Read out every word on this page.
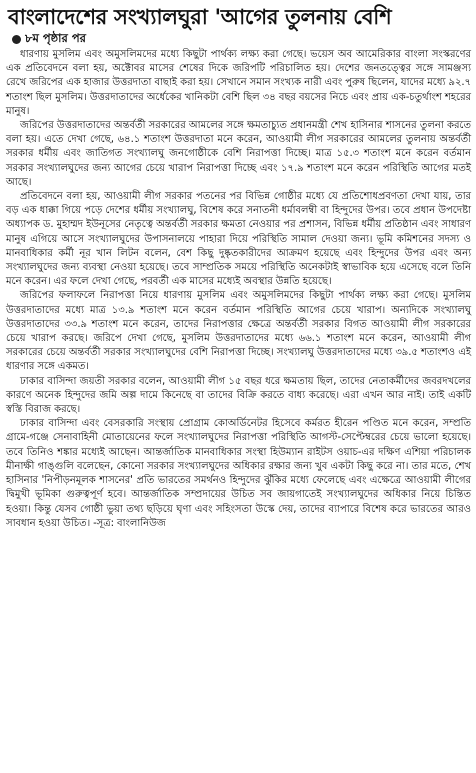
বাংলাদেশের সংখ্যালঘুরা 'আগের তুলনায় বেশি
৮ম পৃষ্ঠার পর

ধারণায় মুসলিম এবং অমুসলিমদের মধ্যে কিছুটা পার্থক্য লক্ষ্য করা গেছে। ভয়েস অব আমেরিকার বাংলা সংস্করণের এক প্রতিবেদনে বলা হয়, অক্টোবর মাসের শেষের দিকে জরিপটি পরিচালিত হয়। দেশের জনতত্ত্বের সঙ্গে সামঞ্জস্য রেখে জরিপের এক হাজার উত্তরদাতা বাছাই করা হয়। সেখানে সমান সংখ্যক নারী এবং পুরুষ ছিলেন, যাদের মধ্যে ৯২.৭ শতাংশ ছিল মুসলিম। উত্তরদাতাদের অর্ধেকের খানিকটা বেশি ছিল ৩৪ বছর বয়সের নিচে এবং প্রায় এক-চতুর্থাংশ শহরের মানুষ।

জরিপের উত্তরদাতাদের অন্তর্বর্তী সরকারের আমলের সঙ্গে ক্ষমতাচ্যুত প্রধানমন্ত্রী শেখ হাসিনার শাসনের তুলনা করতে বলা হয়। এতে দেখা গেছে, ৬৪.১ শতাংশ উত্তরদাতা মনে করেন, আওয়ামী লীগ সরকারের আমলের তুলনায় অন্তর্বর্তী সরকার ধর্মীয় এবং জাতিগত সংখ্যালঘু জনগোষ্ঠীকে বেশি নিরাপত্তা দিচ্ছে। মাত্র ১৫.৩ শতাংশ মনে করেন বর্তমান সরকার সংখ্যালঘুদের জন্য আগের চেয়ে খারাপ নিরাপত্তা দিচ্ছে এবং ১৭.৯ শতাংশ মনে করেন পরিস্থিতি আগের মতই আছে।

প্রতিবেদনে বলা হয়, আওয়ামী লীগ সরকার পতনের পর বিভিন্ন গোষ্ঠীর মধ্যে যে প্রতিশোধপ্রবণতা দেখা যায়, তার বড় এক ধাক্কা গিয়ে পড়ে দেশের ধর্মীয় সংখ্যালঘু, বিশেষ করে সনাতনী ধর্মাবলম্বী বা হিন্দুদের উপর। তবে প্রধান উপদেষ্টা অধ্যাপক ড. মুহাম্মদ ইউনূসের নেতৃত্বে অন্তর্বর্তী সরকার ক্ষমতা নেওয়ার পর প্রশাসন, বিভিন্ন ধর্মীয় প্রতিষ্ঠান এবং সাধারণ মানুষ এগিয়ে আসে সংখ্যালঘুদের উপাসনালয়ে পাহারা দিয়ে পরিস্থিতি সামাল দেওয়া জন্য। ভূমি কমিশনের সদস্য ও মানবাধিকার কর্মী নূর খান লিটন বলেন, বেশ কিছু দুষ্কৃতকারীদের আক্রমণ হয়েছে এবং হিন্দুদের উপর এবং অন্য সংখ্যালঘুদের জন্য ব্যবস্থা নেওয়া হয়েছে। তবে সাম্প্রতিক সময়ে পরিস্থিতি অনেকটাই স্বাভাবিক হয়ে এসেছে বলে তিনি মনে করেন। এর ফলে দেখা গেছে, পরবর্তী এক মাসের মধ্যেই অবস্থার উন্নতি হয়েছে।

জরিপের ফলাফলে নিরাপত্তা নিয়ে ধারণায় মুসলিম এবং অমুসলিমদের কিছুটা পার্থক্য লক্ষ্য করা গেছে। মুসলিম উত্তরদাতাদের মধ্যে মাত্র ১৩.৯ শতাংশ মনে করেন বর্তমান পরিস্থিতি আগের চেয়ে খারাপ। অন্যদিকে সংখ্যালঘু উত্তরদাতাদের ৩৩.৯ শতাংশ মনে করেন, তাদের নিরাপত্তার ক্ষেত্রে অন্তর্বর্তী সরকার বিগত আওয়ামী লীগ সরকারের চেয়ে খারাপ করছে। জরিপে দেখা গেছে, মুসলিম উত্তরদাতাদের মধ্যে ৬৬.১ শতাংশ মনে করেন, আওয়ামী লীগ সরকারের চেয়ে অন্তর্বর্তী সরকার সংখ্যালঘুদের বেশি নিরাপত্তা দিচ্ছে। সংখ্যালঘু উত্তরদাতাদের মধ্যে ৩৯.৫ শতাংশও এই ধারণার সঙ্গে একমত।

ঢাকার বাসিন্দা জয়তী সরকার বলেন, আওয়ামী লীগ ১৫ বছর ধরে ক্ষমতায় ছিল, তাদের নেতাকর্মীদের জবরদখলের কারণে অনেক হিন্দুদের জমি অল্প দামে কিনেছে বা তাদের বিক্রি করতে বাধ্য করেছে। এরা এখন আর নাই। তাই একটি স্বস্তি বিরাজ করছে।

ঢাকার বাসিন্দা এবং বেসরকারি সংস্থায় প্রোগ্রাম কোঅর্ডিনেটর হিসেবে কর্মরত হীরেন পণ্ডিত মনে করেন, সম্প্রতি গ্রামে-গঞ্জে সেনাবাহিনী মোতায়েনের ফলে সংখ্যালঘুদের নিরাপত্তা পরিস্থিতি আগস্ট-সেপ্টেম্বরের চেয়ে ভালো হয়েছে। তবে তিনিও শঙ্কার মধ্যেই আছেন। আন্তর্জাতিক মানবাধিকার সংস্থা হিউম্যান রাইটস ওয়াচ-এর দক্ষিণ এশিয়া পরিচালক মীনাক্ষী গাঙ্গুলি বলেছেন, কোনো সরকার সংখ্যালঘুদের অধিকার রক্ষার জন্য খুব একটা কিছু করে না। তার মতে, শেখ হাসিনার 'নিপীড়নমূলক শাসনের' প্রতি ভারতের সমর্থনও হিন্দুদের ঝুঁকির মধ্যে ফেলেছে এবং এক্ষেত্রে আওয়ামী লীগের দ্বিমুখী ভূমিকা গুরুত্বপূর্ণ হবে। আন্তর্জাতিক সম্প্রদায়ের উচিত সব জায়গাতেই সংখ্যালঘুদের অধিকার নিয়ে চিন্তিত হওয়া। কিন্তু যেসব গোষ্ঠী ভুয়া তথ্য ছড়িয়ে ঘৃণা এবং সহিংসতা উস্কে দেয়, তাদের ব্যাপারে বিশেষ করে ভারতের আরও সাবধান হওয়া উচিত। -সূত্র: বাংলানিউজ
